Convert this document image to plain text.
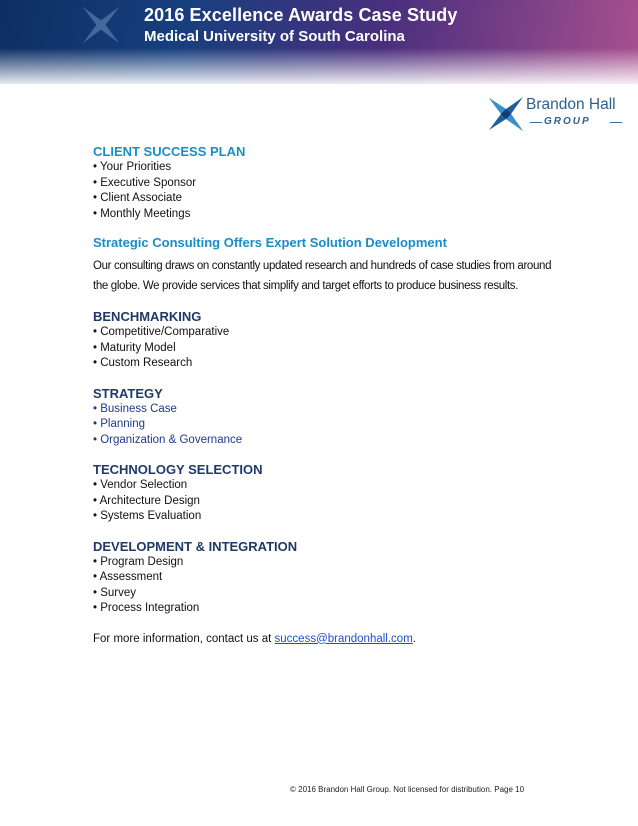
2016 Excellence Awards Case Study
Medical University of South Carolina
Brandon Hall
GROUP
CLIENT SUCCESS PLAN
• Your Priorities
• Executive Sponsor
• Client Associate
• Monthly Meetings
Strategic Consulting Offers Expert Solution Development

Our consulting draws on constantly updated research and hundreds of case studies from around the globe. We provide services that simplify and target efforts to produce business results.

BENCHMARKING
• Competitive/Comparative
• Maturity Model
• Custom Research
STRATEGY
• Business Case
• Planning
• Organization & Governance
TECHNOLOGY SELECTION
• Vendor Selection
• Architecture Design
• Systems Evaluation
DEVELOPMENT & INTEGRATION
• Program Design
• Assessment
• Survey
• Process Integration
For more information, contact us at success@brandonhall.com.
© 2016 Brandon Hall Group. Not licensed for distribution. Page 10
